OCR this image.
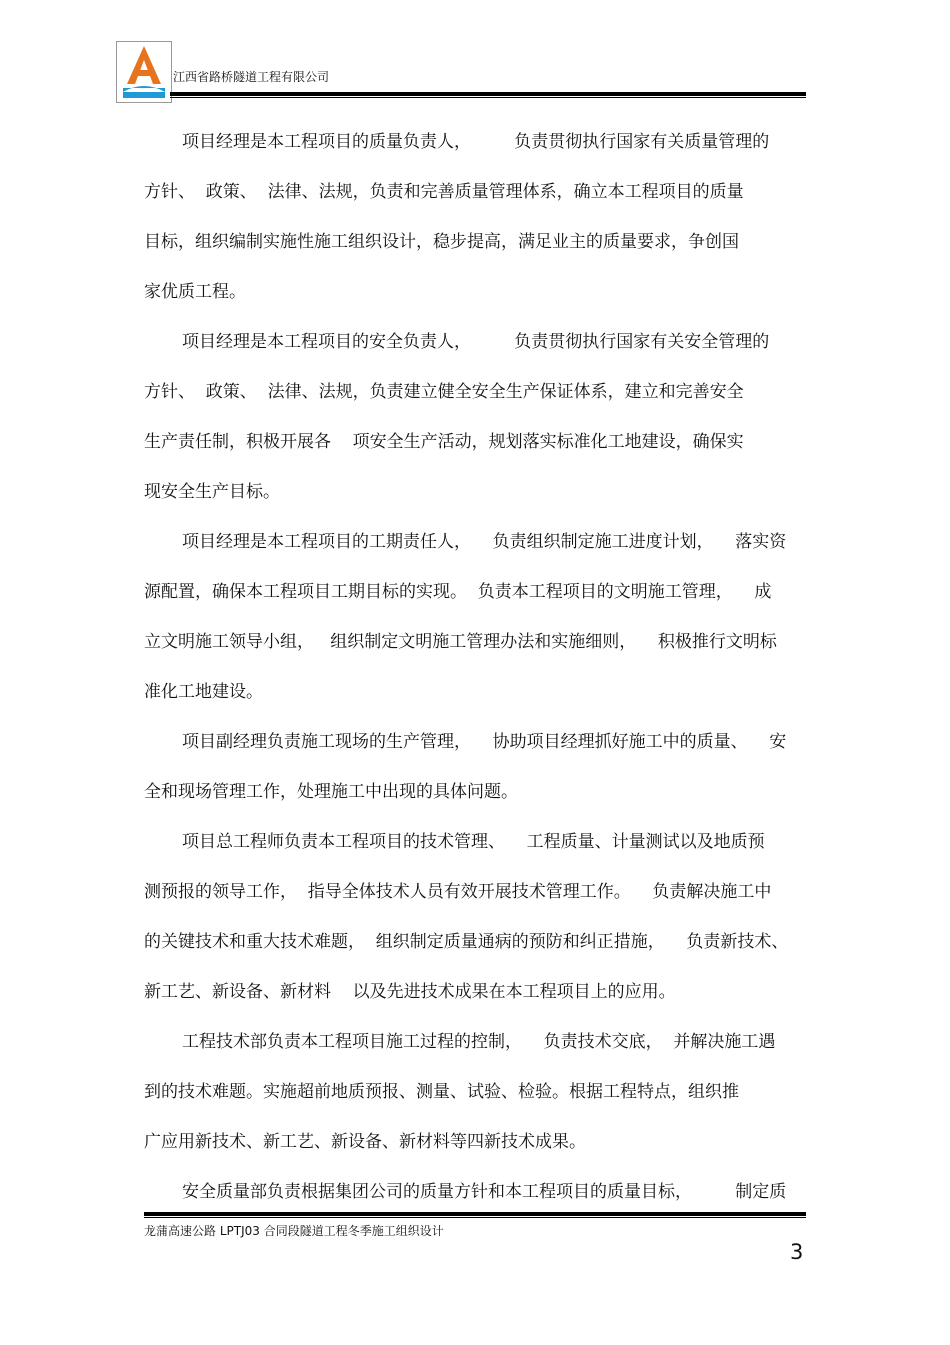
江西省路桥隧道工程有限公司
项目经理是本工程项目的质量负责人，        负责贯彻执行国家有关质量管理的
方针、  政策、  法律、法规，负责和完善质量管理体系，确立本工程项目的质量
目标，组织编制实施性施工组织设计，稳步提高，满足业主的质量要求，争创国
家优质工程。
项目经理是本工程项目的安全负责人，        负责贯彻执行国家有关安全管理的
方针、  政策、  法律、法规，负责建立健全安全生产保证体系，建立和完善安全
生产责任制，积极开展各    项安全生产活动，规划落实标准化工地建设，确保实
现安全生产目标。
项目经理是本工程项目的工期责任人，    负责组织制定施工进度计划，    落实资
源配置，确保本工程项目工期目标的实现。  负责本工程项目的文明施工管理，    成
立文明施工领导小组，   组织制定文明施工管理办法和实施细则，    积极推行文明标
准化工地建设。
项目副经理负责施工现场的生产管理，    协助项目经理抓好施工中的质量、    安
全和现场管理工作，处理施工中出现的具体问题。
项目总工程师负责本工程项目的技术管理、    工程质量、计量测试以及地质预
测预报的领导工作，  指导全体技术人员有效开展技术管理工作。    负责解决施工中
的关键技术和重大技术难题，  组织制定质量通病的预防和纠正措施，    负责新技术、
新工艺、新设备、新材料    以及先进技术成果在本工程项目上的应用。
工程技术部负责本工程项目施工过程的控制，    负责技术交底，  并解决施工遇
到的技术难题。实施超前地质预报、测量、试验、检验。根据工程特点，组织推
广应用新技术、新工艺、新设备、新材料等四新技术成果。
安全质量部负责根据集团公司的质量方针和本工程项目的质量目标，        制定质
龙蒲高速公路 LPTJ03 合同段隧道工程冬季施工组织设计
3
